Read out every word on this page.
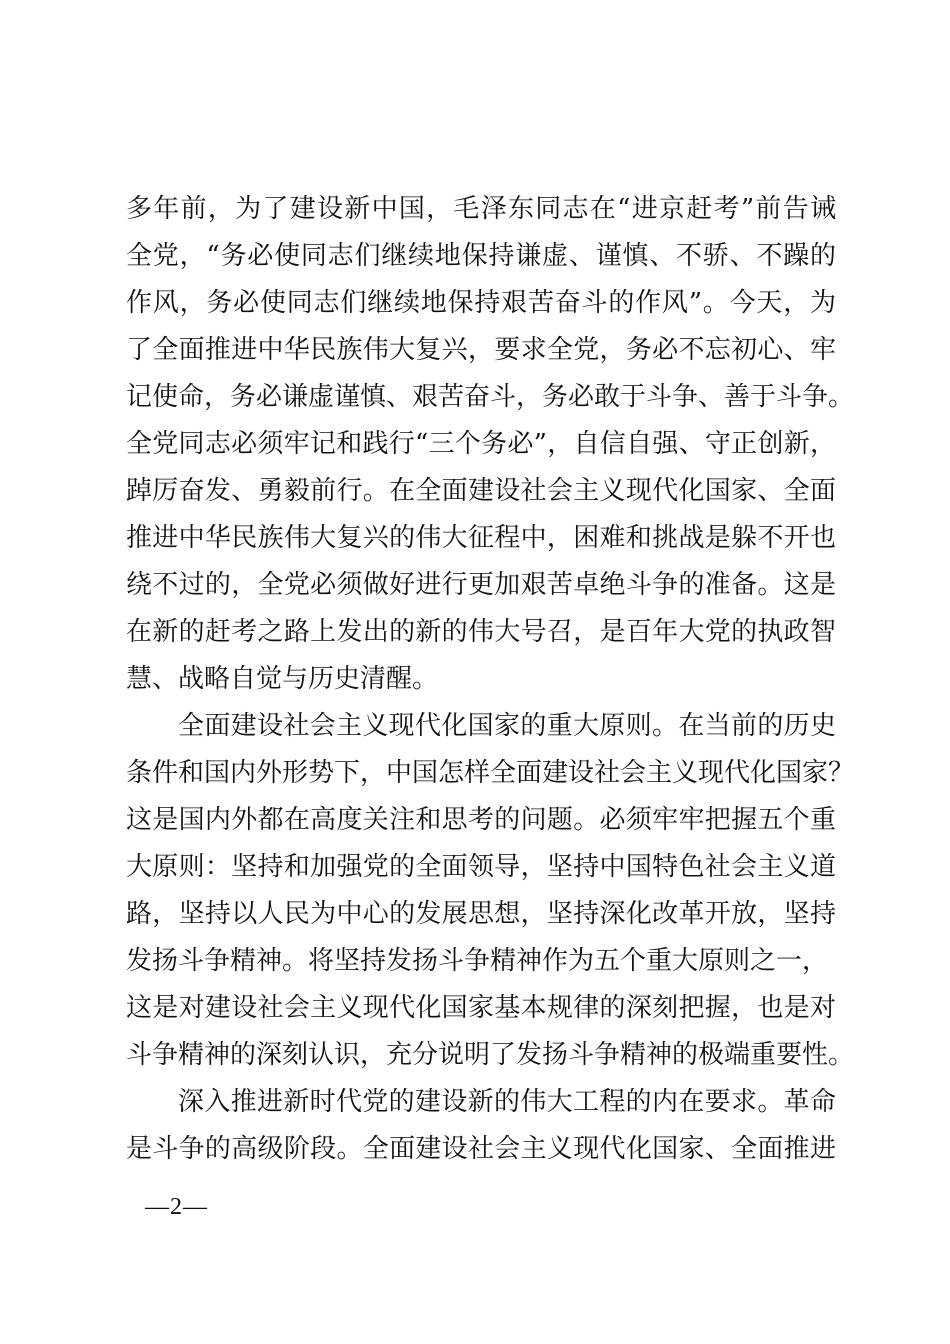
多年前，为了建设新中国，毛泽东同志在“进京赶考”前告诫
全党，“务必使同志们继续地保持谦虚、谨慎、不骄、不躁的
作风，务必使同志们继续地保持艰苦奋斗的作风”。今天，为
了全面推进中华民族伟大复兴，要求全党，务必不忘初心、牢
记使命，务必谦虚谨慎、艰苦奋斗，务必敢于斗争、善于斗争。
全党同志必须牢记和践行“三个务必”，自信自强、守正创新，
踔厉奋发、勇毅前行。在全面建设社会主义现代化国家、全面
推进中华民族伟大复兴的伟大征程中，困难和挑战是躲不开也
绕不过的，全党必须做好进行更加艰苦卓绝斗争的准备。这是
在新的赶考之路上发出的新的伟大号召，是百年大党的执政智
慧、战略自觉与历史清醒。
全面建设社会主义现代化国家的重大原则。在当前的历史
条件和国内外形势下，中国怎样全面建设社会主义现代化国家？
这是国内外都在高度关注和思考的问题。必须牢牢把握五个重
大原则：坚持和加强党的全面领导，坚持中国特色社会主义道
路，坚持以人民为中心的发展思想，坚持深化改革开放，坚持
发扬斗争精神。将坚持发扬斗争精神作为五个重大原则之一，
这是对建设社会主义现代化国家基本规律的深刻把握，也是对
斗争精神的深刻认识，充分说明了发扬斗争精神的极端重要性。
深入推进新时代党的建设新的伟大工程的内在要求。革命
是斗争的高级阶段。全面建设社会主义现代化国家、全面推进
—2—
